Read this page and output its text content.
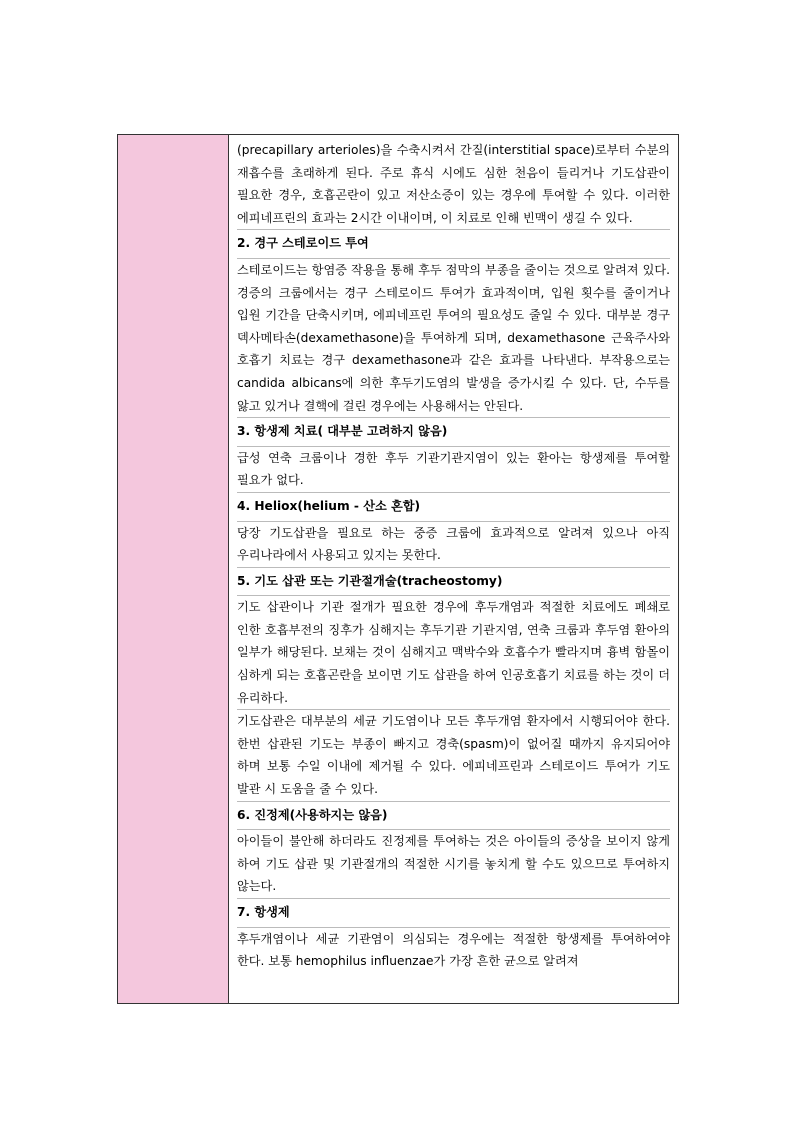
(precapillary arterioles)을 수축시켜서 간질(interstitial space)로부터 수분의 재흡수를 초래하게 된다. 주로 휴식 시에도 심한 천음이 들리거나 기도삽관이 필요한 경우, 호흡곤란이 있고 저산소증이 있는 경우에 투여할 수 있다. 이러한 에피네프린의 효과는 2시간 이내이며, 이 치료로 인해 빈맥이 생길 수 있다.

2. 경구 스테로이드 투여

스테로이드는 항염증 작용을 통해 후두 점막의 부종을 줄이는 것으로 알려져 있다. 경증의 크룹에서는 경구 스테로이드 투여가 효과적이며, 입원 횟수를 줄이거나 입원 기간을 단축시키며, 에피네프린 투여의 필요성도 줄일 수 있다. 대부분 경구 덱사메타손(dexamethasone)을 투여하게 되며, dexamethasone 근육주사와 호흡기 치료는 경구 dexamethasone과 같은 효과를 나타낸다. 부작용으로는 candida albicans에 의한 후두기도염의 발생을 증가시킬 수 있다. 단, 수두를 앓고 있거나 결핵에 걸린 경우에는 사용해서는 안된다.

3. 항생제 치료( 대부분 고려하지 않음)

급성 연축 크룹이나 경한 후두 기관기관지염이 있는 환아는 항생제를 투여할 필요가 없다.

4. Heliox(helium - 산소 혼합)

당장 기도삽관을 필요로 하는 중증 크룹에 효과적으로 알려져 있으나 아직 우리나라에서 사용되고 있지는 못한다.

5. 기도 삽관 또는 기관절개술(tracheostomy)

기도 삽관이나 기관 절개가 필요한 경우에 후두개염과 적절한 치료에도 폐쇄로 인한 호흡부전의 징후가 심해지는 후두기관 기관지염, 연축 크룹과 후두염 환아의 일부가 해당된다. 보채는 것이 심해지고 맥박수와 호흡수가 빨라지며 흉벽 함몰이 심하게 되는 호흡곤란을 보이면 기도 삽관을 하여 인공호흡기 치료를 하는 것이 더 유리하다.

기도삽관은 대부분의 세균 기도염이나 모든 후두개염 환자에서 시행되어야 한다. 한번 삽관된 기도는 부종이 빠지고 경축(spasm)이 없어질 때까지 유지되어야 하며 보통 수일 이내에 제거될 수 있다. 에피네프린과 스테로이드 투여가 기도 발관 시 도움을 줄 수 있다.

6. 진정제(사용하지는 않음)

아이들이 불안해 하더라도 진정제를 투여하는 것은 아이들의 증상을 보이지 않게 하여 기도 삽관 및 기관절개의 적절한 시기를 놓치게 할 수도 있으므로 투여하지 않는다.

7. 항생제

후두개염이나 세균 기관염이 의심되는 경우에는 적절한 항생제를 투여하여야 한다. 보통 hemophilus influenzae가 가장 흔한 균으로 알려져
